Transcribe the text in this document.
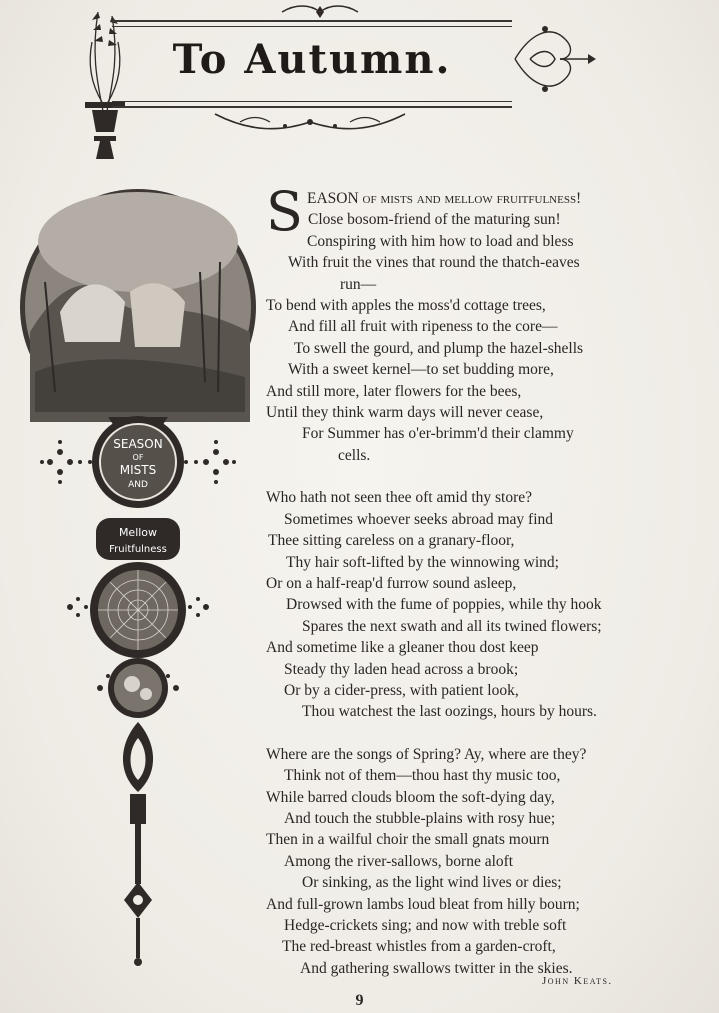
To Autumn.
SEASON
OF
MISTS
AND
Mellow
Fruitfulness
S EASON of mists and mellow fruitfulness!
Close bosom-friend of the maturing sun!
Conspiring with him how to load and bless
With fruit the vines that round the thatch-eaves
run—
To bend with apples the moss'd cottage trees,
And fill all fruit with ripeness to the core—
To swell the gourd, and plump the hazel-shells
With a sweet kernel—to set budding more,
And still more, later flowers for the bees,
Until they think warm days will never cease,
For Summer has o'er-brimm'd their clammy
cells.
Who hath not seen thee oft amid thy store?
Sometimes whoever seeks abroad may find
Thee sitting careless on a granary-floor,
Thy hair soft-lifted by the winnowing wind;
Or on a half-reap'd furrow sound asleep,
Drowsed with the fume of poppies, while thy hook
Spares the next swath and all its twined flowers;
And sometime like a gleaner thou dost keep
Steady thy laden head across a brook;
Or by a cider-press, with patient look,
Thou watchest the last oozings, hours by hours.
Where are the songs of Spring? Ay, where are they?
Think not of them—thou hast thy music too,
While barred clouds bloom the soft-dying day,
And touch the stubble-plains with rosy hue;
Then in a wailful choir the small gnats mourn
Among the river-sallows, borne aloft
Or sinking, as the light wind lives or dies;
And full-grown lambs loud bleat from hilly bourn;
Hedge-crickets sing; and now with treble soft
The red-breast whistles from a garden-croft,
And gathering swallows twitter in the skies.
John Keats.
9
